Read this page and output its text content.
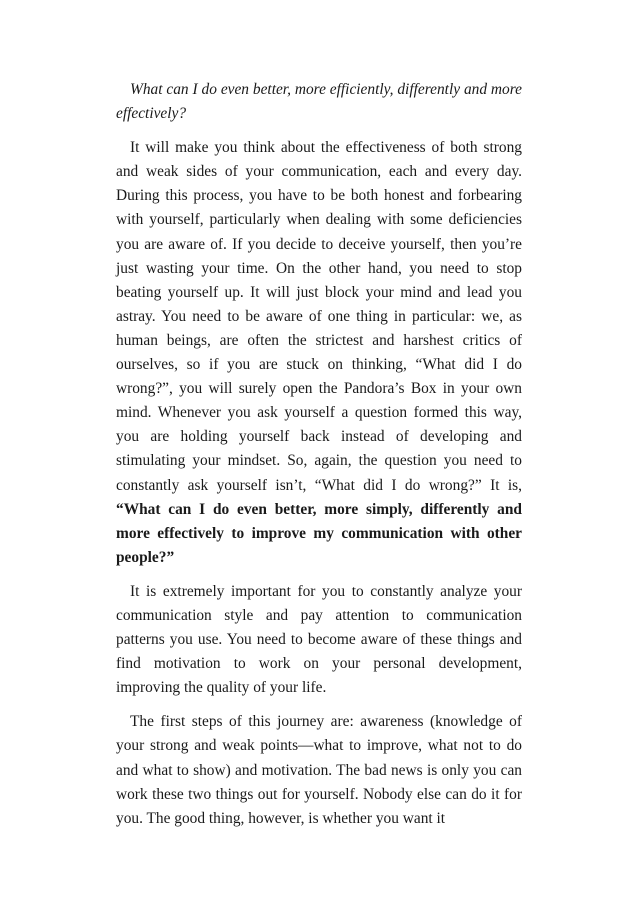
What can I do even better, more efficiently, differently and more effectively?

It will make you think about the effectiveness of both strong and weak sides of your communication, each and every day. During this process, you have to be both honest and forbearing with yourself, particularly when dealing with some deficiencies you are aware of. If you decide to deceive yourself, then you’re just wasting your time. On the other hand, you need to stop beating yourself up. It will just block your mind and lead you astray. You need to be aware of one thing in particular: we, as human beings, are often the strictest and harshest critics of ourselves, so if you are stuck on thinking, “What did I do wrong?”, you will surely open the Pandora’s Box in your own mind. Whenever you ask yourself a question formed this way, you are holding yourself back instead of developing and stimulating your mindset. So, again, the question you need to constantly ask yourself isn’t, “What did I do wrong?” It is, “What can I do even better, more simply, differently and more effectively to improve my communication with other people?”

It is extremely important for you to constantly analyze your communication style and pay attention to communication patterns you use. You need to become aware of these things and find motivation to work on your personal development, improving the quality of your life.

The first steps of this journey are: awareness (knowledge of your strong and weak points—what to improve, what not to do and what to show) and motivation. The bad news is only you can work these two things out for yourself. Nobody else can do it for you. The good thing, however, is whether you want it
